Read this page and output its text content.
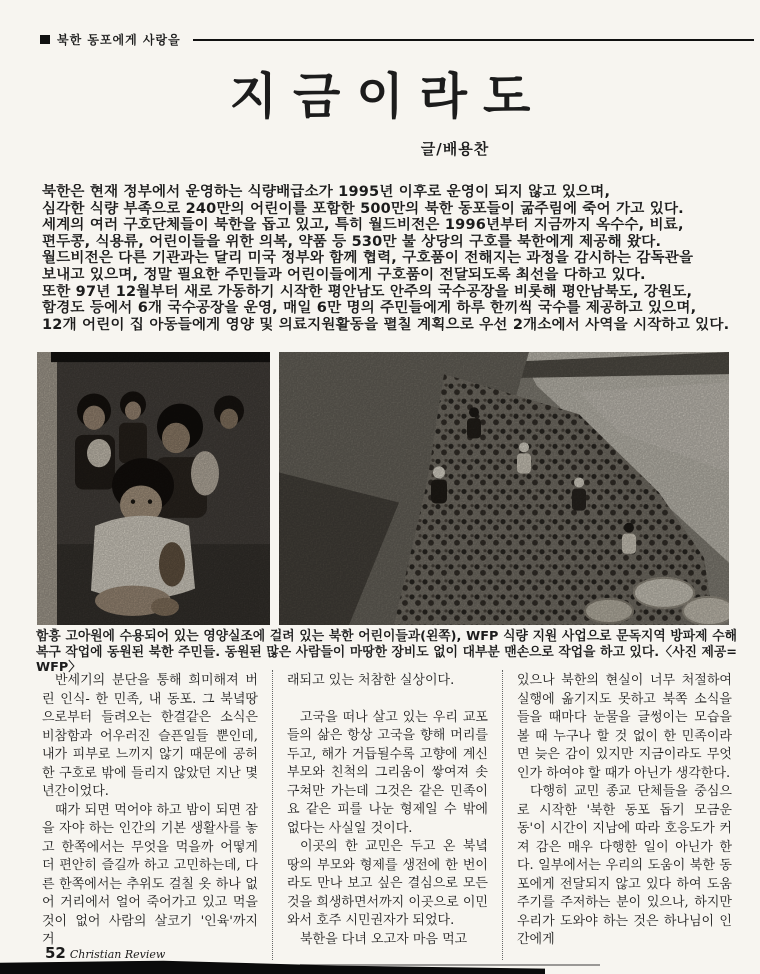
북한 동포에게 사랑을
지금이라도
글/배용찬
북한은 현재 정부에서 운영하는 식량배급소가 1995년 이후로 운영이 되지 않고 있으며,
심각한 식량 부족으로 240만의 어린이를 포함한 500만의 북한 동포들이 굶주림에 죽어 가고 있다.
세계의 여러 구호단체들이 북한을 돕고 있고, 특히 월드비전은 1996년부터 지금까지 옥수수, 비료,
편두콩, 식용류, 어린이들을 위한 의복, 약품 등 530만 불 상당의 구호를 북한에게 제공해 왔다.
월드비전은 다른 기관과는 달리 미국 정부와 함께 협력, 구호품이 전해지는 과정을 감시하는 감독관을
보내고 있으며, 정말 필요한 주민들과 어린이들에게 구호품이 전달되도록 최선을 다하고 있다.
또한 97년 12월부터 새로 가동하기 시작한 평안남도 안주의 국수공장을 비롯해 평안남북도, 강원도,
함경도 등에서 6개 국수공장을 운영, 매일 6만 명의 주민들에게 하루 한끼씩 국수를 제공하고 있으며,
12개 어린이 집 아동들에게 영양 및 의료지원활동을 펼칠 계획으로 우선 2개소에서 사역을 시작하고 있다.
함흥 고아원에 수용되어 있는 영양실조에 걸려 있는 북한 어린이들과(왼쪽), WFP 식량 지원 사업으로 문독지역 방파제 수해 복구 작업에 동원된 북한 주민들. 동원된 많은 사람들이 마땅한 장비도 없이 대부분 맨손으로 작업을 하고 있다.〈사진 제공= WFP〉

반세기의 분단을 통해 희미해져 버린 인식- 한 민족, 내 동포. 그 북녘땅으로부터 들려오는 한결같은 소식은 비참함과 어우러진 슬픈일들 뿐인데, 내가 피부로 느끼지 않기 때문에 공허한 구호로 밖에 들리지 않았던 지난 몇 년간이었다.

때가 되면 먹어야 하고 밤이 되면 잠을 자야 하는 인간의 기본 생활사를 놓고 한쪽에서는 무엇을 먹을까 어떻게 더 편안히 즐길까 하고 고민하는데, 다른 한쪽에서는 추위도 걸칠 옷 하나 없어 거리에서 얼어 죽어가고 있고 먹을 것이 없어 사람의 살코기 '인육'까지 거

래되고 있는 처참한 실상이다.

고국을 떠나 살고 있는 우리 교포들의 삶은 항상 고국을 향해 머리를 두고, 해가 거듭될수록 고향에 계신 부모와 친척의 그리움이 쌓여져 솟구쳐만 가는데 그것은 같은 민족이요 같은 피를 나눈 형제일 수 밖에 없다는 사실일 것이다.

이곳의 한 교민은 두고 온 북녘 땅의 부모와 형제를 생전에 한 번이라도 만나 보고 싶은 결심으로 모든 것을 희생하면서까지 이곳으로 이민와서 호주 시민권자가 되었다.

북한을 다녀 오고자 마음 먹고

있으나 북한의 현실이 너무 처절하여 실행에 옮기지도 못하고 북쪽 소식을 들을 때마다 눈물을 글썽이는 모습을 볼 때 누구나 할 것 없이 한 민족이라면 늦은 감이 있지만 지금이라도 무엇인가 하여야 할 때가 아닌가 생각한다.

다행히 교민 종교 단체들을 중심으로 시작한 '북한 동포 돕기 모금운동'이 시간이 지남에 따라 호응도가 커져 감은 매우 다행한 일이 아닌가 한다. 일부에서는 우리의 도움이 북한 동포에게 전달되지 않고 있다 하여 도움 주기를 주저하는 분이 있으나, 하지만 우리가 도와야 하는 것은 하나님이 인간에게

52 Christian Review
